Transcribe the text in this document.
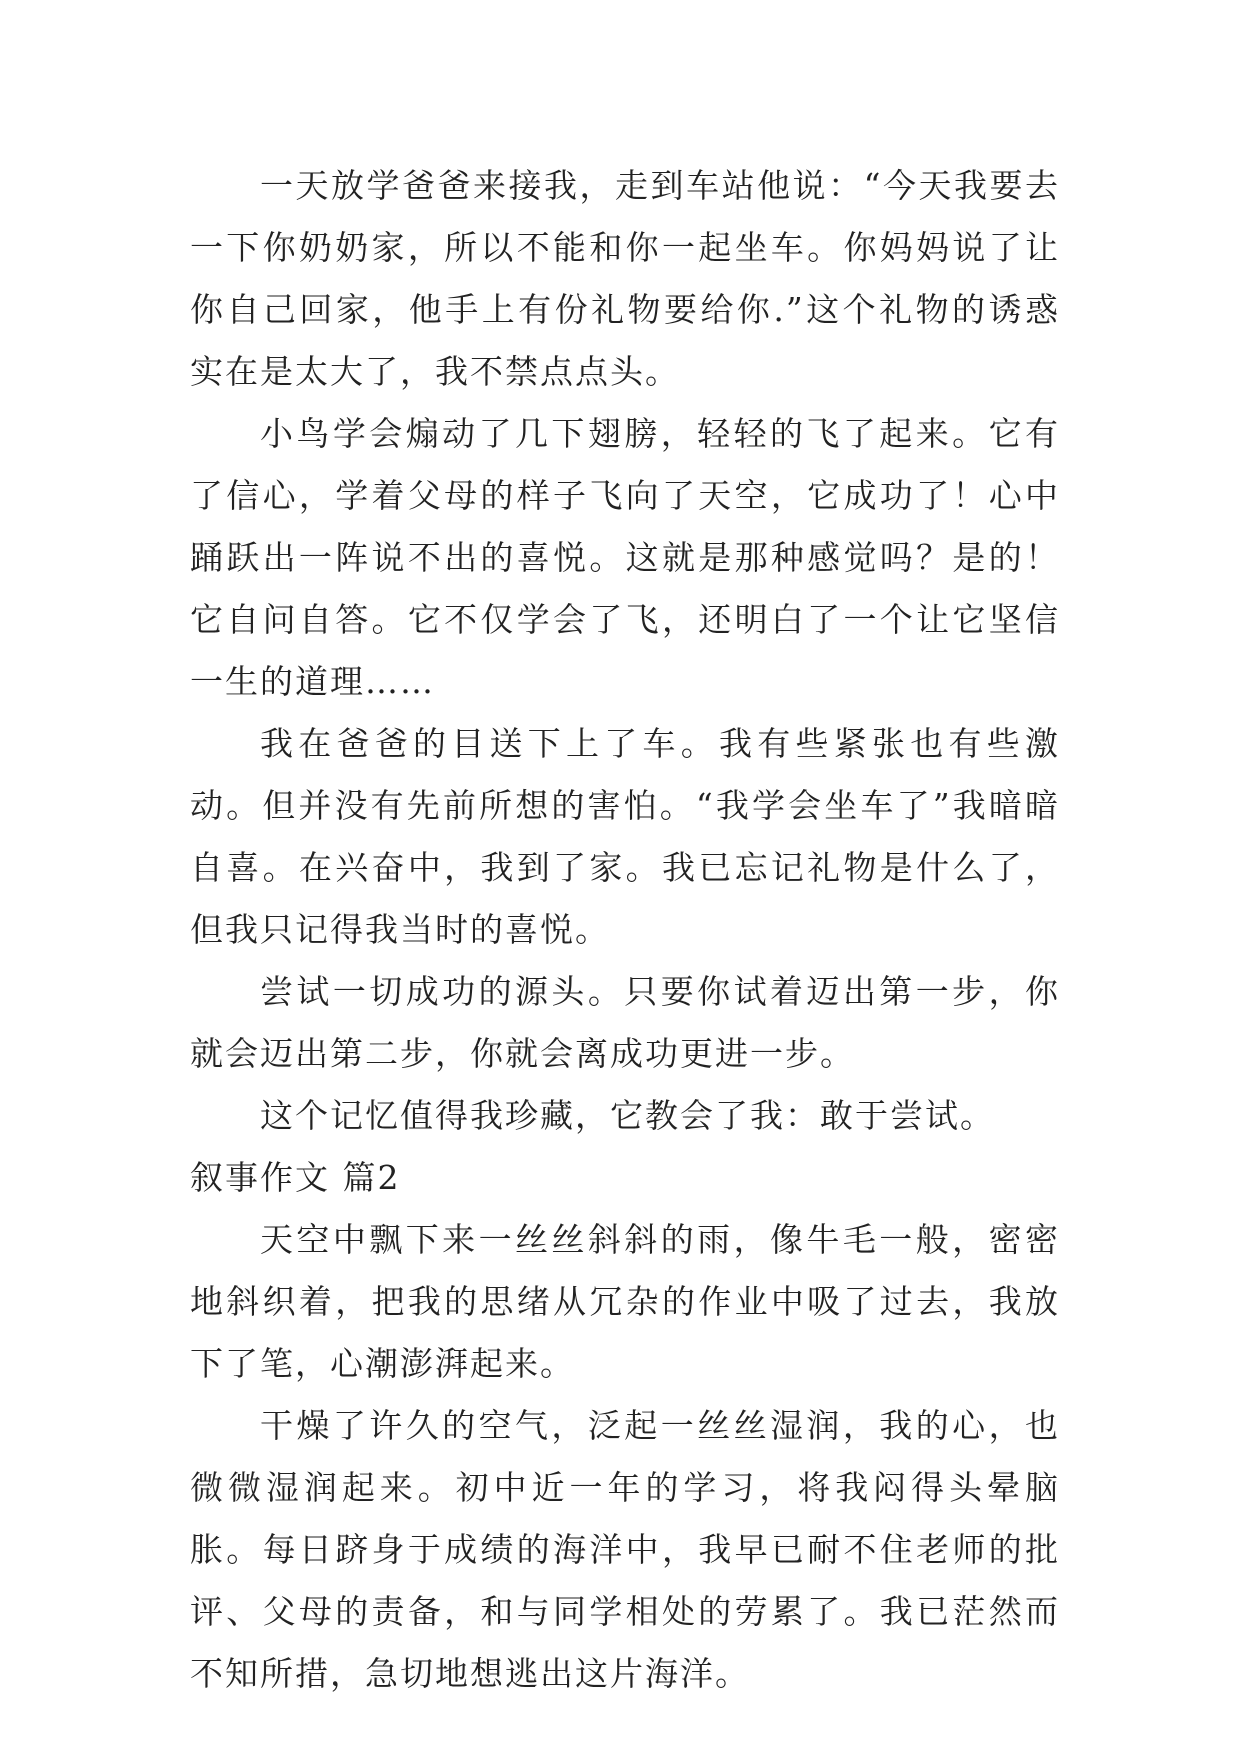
一天放学爸爸来接我，走到车站他说：“今天我要去一下你奶奶家，所以不能和你一起坐车。你妈妈说了让你自己回家，他手上有份礼物要给你.”这个礼物的诱惑实在是太大了，我不禁点点头。

小鸟学会煽动了几下翅膀，轻轻的飞了起来。它有了信心，学着父母的样子飞向了天空，它成功了！心中踊跃出一阵说不出的喜悦。这就是那种感觉吗？是的！它自问自答。它不仅学会了飞，还明白了一个让它坚信一生的道理……

我在爸爸的目送下上了车。我有些紧张也有些激动。但并没有先前所想的害怕。“我学会坐车了”我暗暗自喜。在兴奋中，我到了家。我已忘记礼物是什么了，但我只记得我当时的喜悦。

尝试一切成功的源头。只要你试着迈出第一步，你就会迈出第二步，你就会离成功更进一步。

这个记忆值得我珍藏，它教会了我：敢于尝试。

叙事作文 篇2

天空中飘下来一丝丝斜斜的雨，像牛毛一般，密密地斜织着，把我的思绪从冗杂的作业中吸了过去，我放下了笔，心潮澎湃起来。

干燥了许久的空气，泛起一丝丝湿润，我的心，也微微湿润起来。初中近一年的学习，将我闷得头晕脑胀。每日跻身于成绩的海洋中，我早已耐不住老师的批评、父母的责备，和与同学相处的劳累了。我已茫然而不知所措，急切地想逃出这片海洋。
